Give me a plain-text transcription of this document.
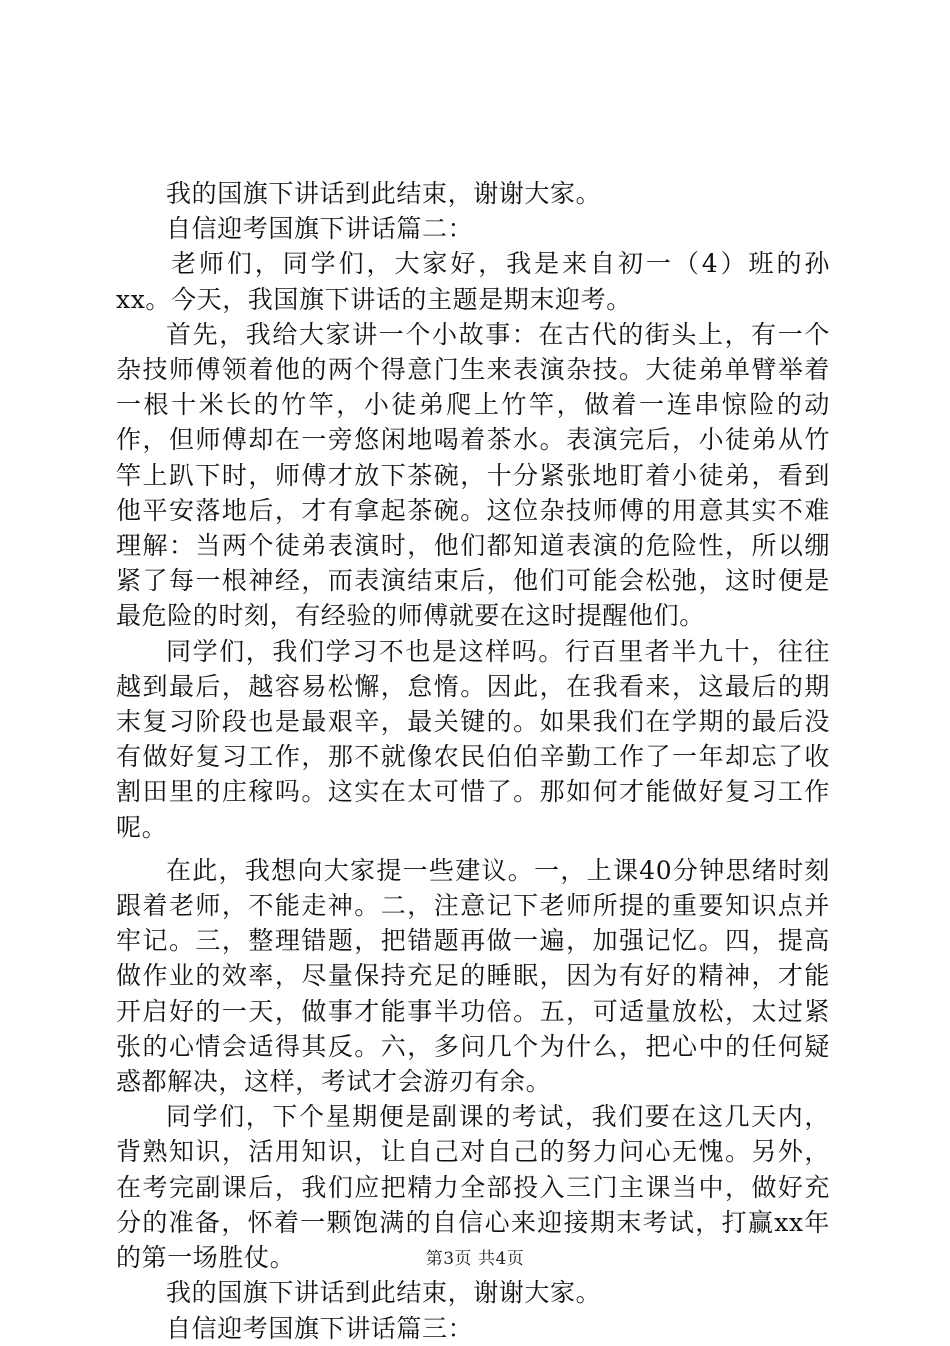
我的国旗下讲话到此结束，谢谢大家。

自信迎考国旗下讲话篇二：

老师们，同学们，大家好，我是来自初一（4）班的孙xx。今天，我国旗下讲话的主题是期末迎考。

首先，我给大家讲一个小故事：在古代的街头上，有一个杂技师傅领着他的两个得意门生来表演杂技。大徒弟单臂举着一根十米长的竹竿，小徒弟爬上竹竿，做着一连串惊险的动作，但师傅却在一旁悠闲地喝着茶水。表演完后，小徒弟从竹竿上趴下时，师傅才放下茶碗，十分紧张地盯着小徒弟，看到他平安落地后，才有拿起茶碗。这位杂技师傅的用意其实不难理解：当两个徒弟表演时，他们都知道表演的危险性，所以绷紧了每一根神经，而表演结束后，他们可能会松弛，这时便是最危险的时刻，有经验的师傅就要在这时提醒他们。

同学们，我们学习不也是这样吗。行百里者半九十，往往越到最后，越容易松懈，怠惰。因此，在我看来，这最后的期末复习阶段也是最艰辛，最关键的。如果我们在学期的最后没有做好复习工作，那不就像农民伯伯辛勤工作了一年却忘了收割田里的庄稼吗。这实在太可惜了。那如何才能做好复习工作呢。

在此，我想向大家提一些建议。一，上课40分钟思绪时刻跟着老师，不能走神。二，注意记下老师所提的重要知识点并牢记。三，整理错题，把错题再做一遍，加强记忆。四，提高做作业的效率，尽量保持充足的睡眠，因为有好的精神，才能开启好的一天，做事才能事半功倍。五，可适量放松，太过紧张的心情会适得其反。六，多问几个为什么，把心中的任何疑惑都解决，这样，考试才会游刃有余。

同学们，下个星期便是副课的考试，我们要在这几天内，背熟知识，活用知识，让自己对自己的努力问心无愧。另外，在考完副课后，我们应把精力全部投入三门主课当中，做好充分的准备，怀着一颗饱满的自信心来迎接期末考试，打赢xx年的第一场胜仗。

我的国旗下讲话到此结束，谢谢大家。

自信迎考国旗下讲话篇三：

第3页 共4页
